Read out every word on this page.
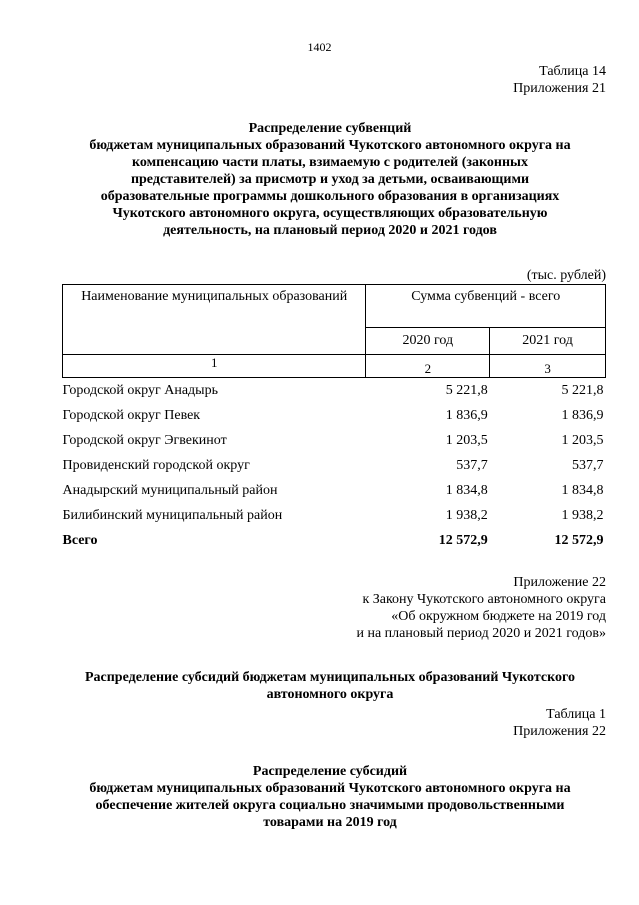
1402
Таблица 14
Приложения 21
Распределение субвенций
бюджетам муниципальных образований Чукотского автономного округа на
компенсацию части платы, взимаемую с родителей (законных
представителей) за присмотр и уход за детьми, осваивающими
образовательные программы дошкольного образования в организациях
Чукотского автономного округа, осуществляющих образовательную
деятельность, на плановый период 2020 и 2021 годов
(тыс. рублей)
Наименование муниципальных образований	Сумма субвенций - всего	
	2020 год	2021 год
1	2	3
Городской округ Анадырь	5 221,8	5 221,8
Городской округ Певек	1 836,9	1 836,9
Городской округ Эгвекинот	1 203,5	1 203,5
Провиденский городской округ	537,7	537,7
Анадырский муниципальный район	1 834,8	1 834,8
Билибинский муниципальный район	1 938,2	1 938,2
Всего	12 572,9	12 572,9
Приложение 22
к Закону Чукотского автономного округа
«Об окружном бюджете на 2019 год
и на плановый период 2020 и 2021 годов»
Распределение субсидий бюджетам муниципальных образований Чукотского
автономного округа
Таблица 1
Приложения 22
Распределение субсидий
бюджетам муниципальных образований Чукотского автономного округа на
обеспечение жителей округа социально значимыми продовольственными
товарами на 2019 год
